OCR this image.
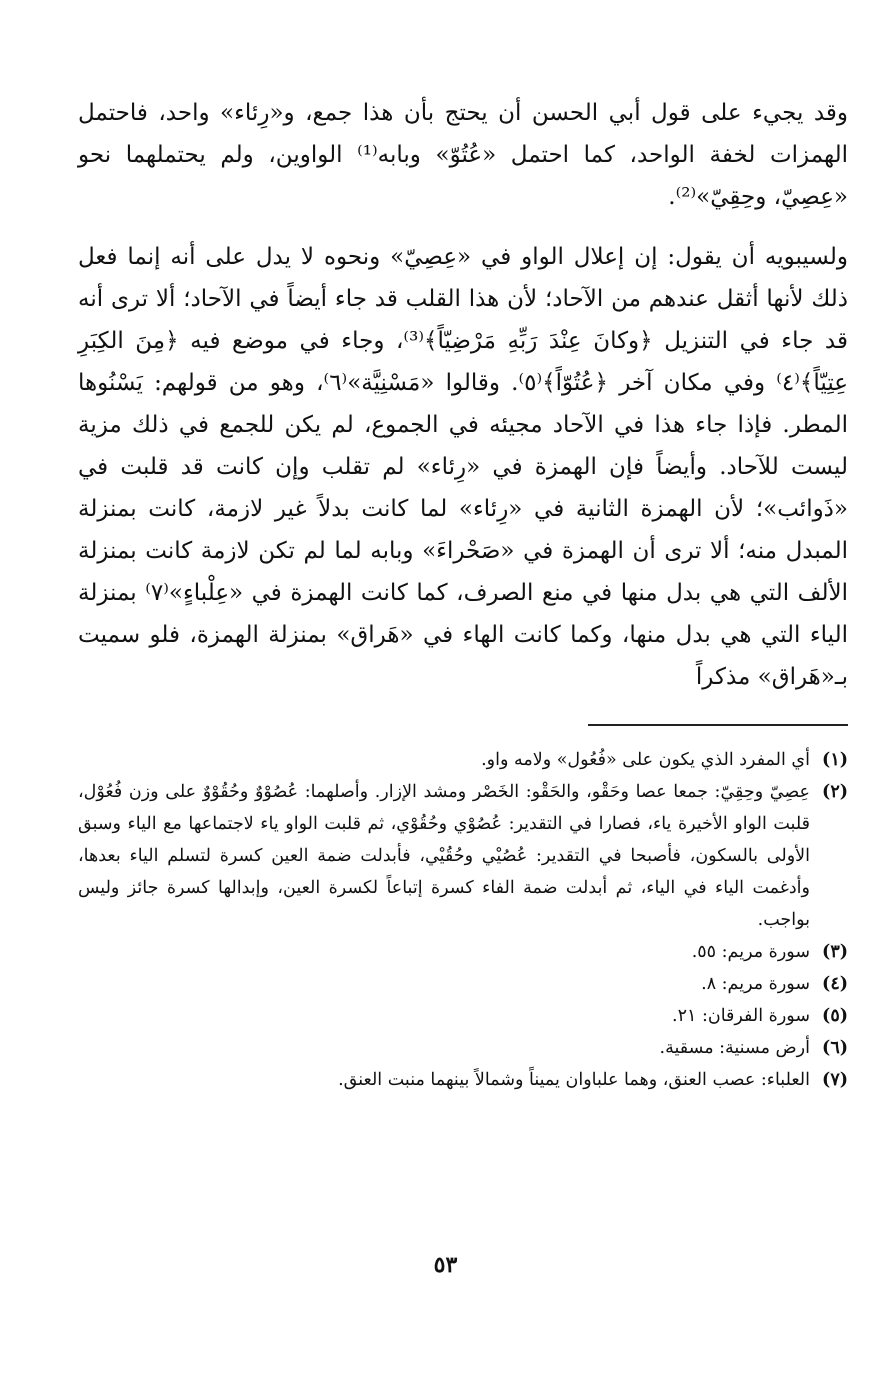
وقد يجيء على قول أبي الحسن أن يحتج بأن هذا جمع، و«رِئاء» واحد، فاحتمل الهمزات لخفة الواحد، كما احتمل «عُتُوّ» وبابه⁽¹⁾ الواوين، ولم يحتملهما نحو «عِصِيّ، وحِقِيّ»⁽²⁾.

ولسيبويه أن يقول: إن إعلال الواو في «عِصِيّ» ونحوه لا يدل على أنه إنما فعل ذلك لأنها أثقل عندهم من الآحاد؛ لأن هذا القلب قد جاء أيضاً في الآحاد؛ ألا ترى أنه قد جاء في التنزيل ﴿وكانَ عِنْدَ رَبِّهِ مَرْضِيّاً﴾⁽³⁾، وجاء في موضع فيه ﴿مِنَ الكِبَرِ عِتِيّاً﴾⁽٤⁾ وفي مكان آخر ﴿عُتُوّاً﴾⁽٥⁾. وقالوا «مَسْنِيَّة»⁽٦⁾، وهو من قولهم: يَسْنُوها المطر. فإذا جاء هذا في الآحاد مجيئه في الجموع، لم يكن للجمع في ذلك مزية ليست للآحاد. وأيضاً فإن الهمزة في «رِئاء» لم تقلب وإن كانت قد قلبت في «ذَوائب»؛ لأن الهمزة الثانية في «رِئاء» لما كانت بدلاً غير لازمة، كانت بمنزلة المبدل منه؛ ألا ترى أن الهمزة في «صَحْراءَ» وبابه لما لم تكن لازمة كانت بمنزلة الألف التي هي بدل منها في منع الصرف، كما كانت الهمزة في «عِلْباءٍ»⁽٧⁾ بمنزلة الياء التي هي بدل منها، وكما كانت الهاء في «هَراق» بمنزلة الهمزة، فلو سميت بـ«هَراق» مذكراً

(١)
أي المفرد الذي يكون على «فُعُول» ولامه واو.
(٢)
عِصِيّ وحِقِيّ: جمعا عصا وحَقْو، والحَقْو: الخَصْر ومشد الإزار. وأصلهما: عُصُوْوٌ وحُقُوْوٌ على وزن فُعُوْل، قلبت الواو الأخيرة ياء، فصارا في التقدير: عُصُوْي وحُقُوْي، ثم قلبت الواو ياء لاجتماعها مع الياء وسبق الأولى بالسكون، فأصبحا في التقدير: عُصُيْي وحُقُيْي، فأبدلت ضمة العين كسرة لتسلم الياء بعدها، وأدغمت الياء في الياء، ثم أبدلت ضمة الفاء كسرة إتباعاً لكسرة العين، وإبدالها كسرة جائز وليس بواجب.
(٣)
سورة مريم: ٥٥.
(٤)
سورة مريم: ٨.
(٥)
سورة الفرقان: ٢١.
(٦)
أرض مسنية: مسقية.
(٧)
العلباء: عصب العنق، وهما علباوان يميناً وشمالاً بينهما منبت العنق.
٥٣
